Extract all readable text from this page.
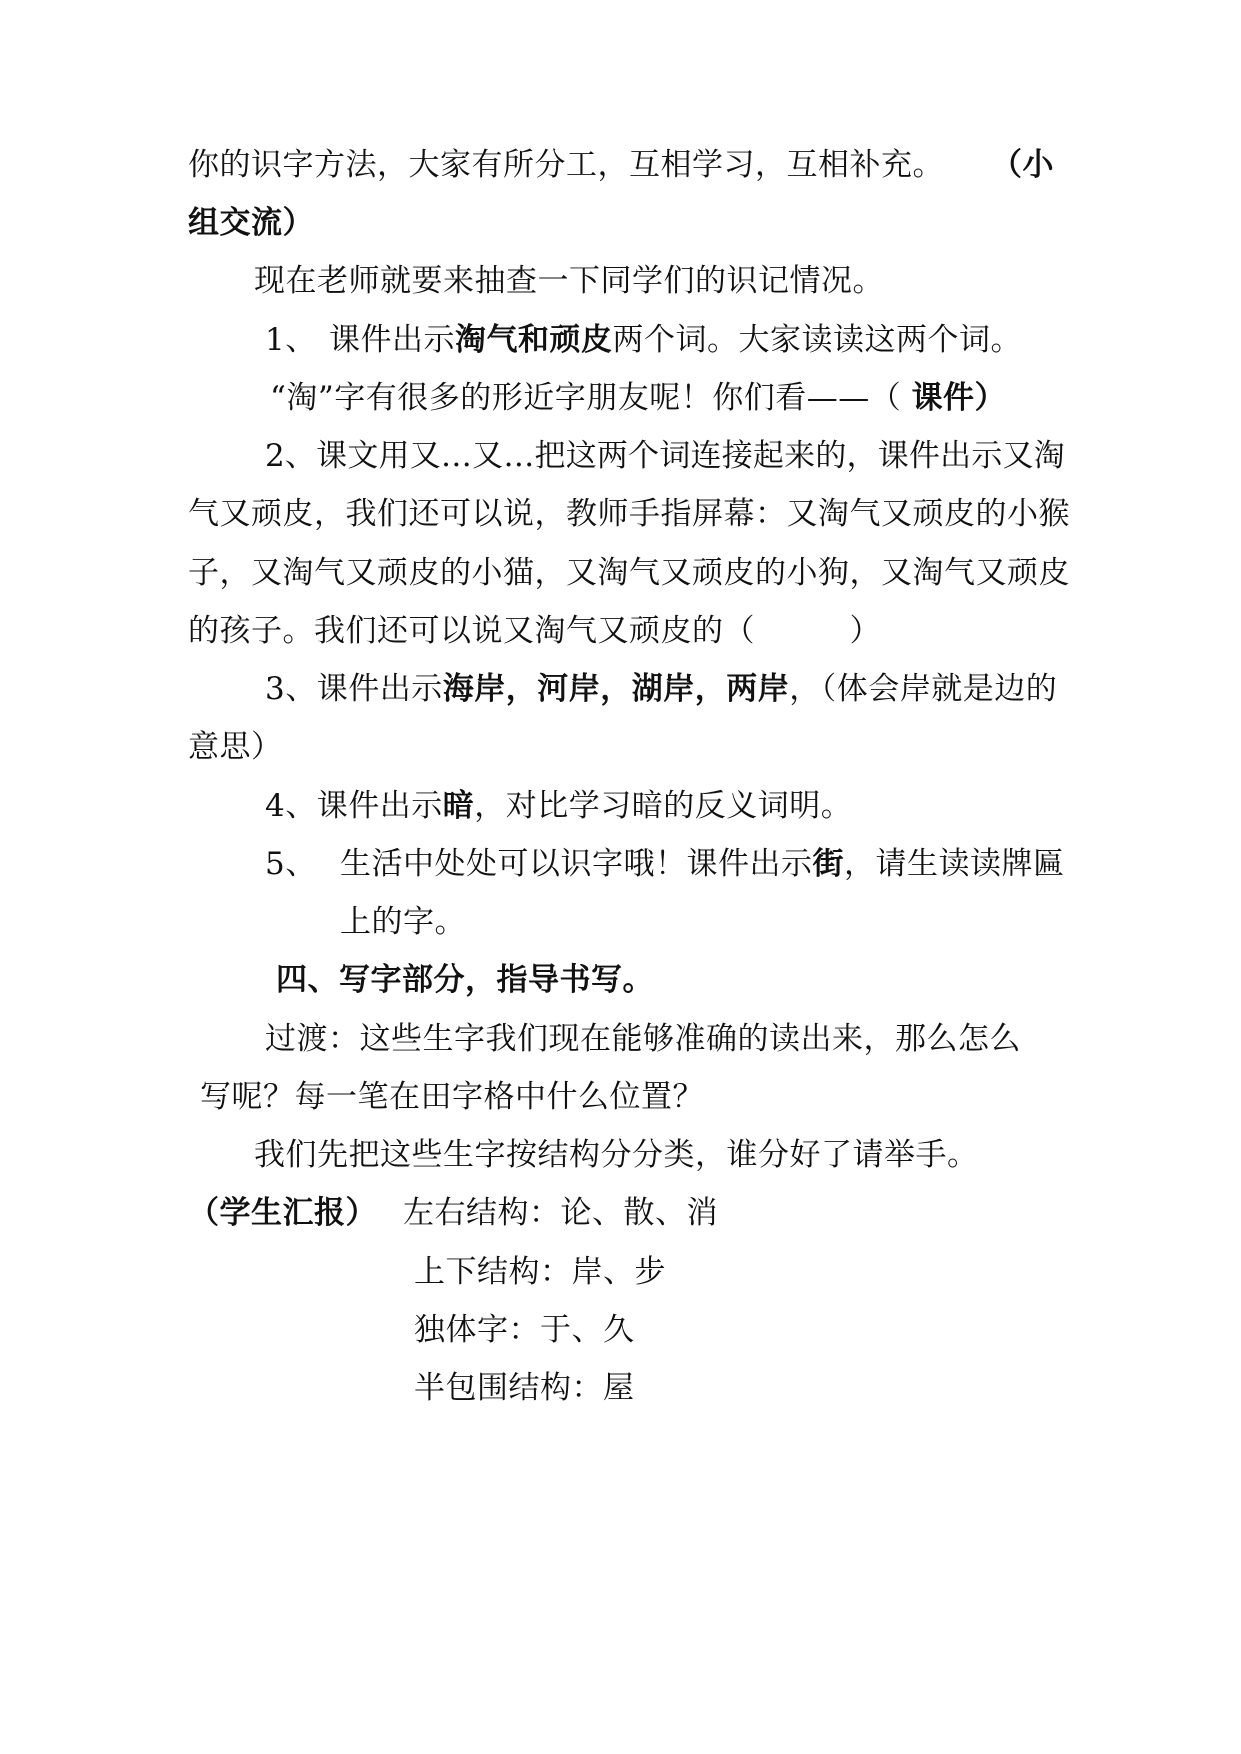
你的识字方法，大家有所分工，互相学习，互相补充。 （小
组交流）
现在老师就要来抽查一下同学们的识记情况。
1、 课件出示淘气和顽皮两个词。大家读读这两个词。
“淘”字有很多的形近字朋友呢！你们看——（ 课件）
2、课文用又…又…把这两个词连接起来的，课件出示又淘
气又顽皮，我们还可以说，教师手指屏幕：又淘气又顽皮的小猴
子，又淘气又顽皮的小猫，又淘气又顽皮的小狗，又淘气又顽皮
的孩子。我们还可以说又淘气又顽皮的（　　　）
3、课件出示海岸，河岸，湖岸，两岸，（体会岸就是边的
意思）
4、课件出示暗，对比学习暗的反义词明。
5、 生活中处处可以识字哦！课件出示街，请生读读牌匾
上的字。
四、写字部分，指导书写。
过渡：这些生字我们现在能够准确的读出来，那么怎么
写呢？每一笔在田字格中什么位置？
我们先把这些生字按结构分分类，谁分好了请举手。
（学生汇报） 左右结构：论、散、消
上下结构：岸、步
独体字：于、久
半包围结构：屋
